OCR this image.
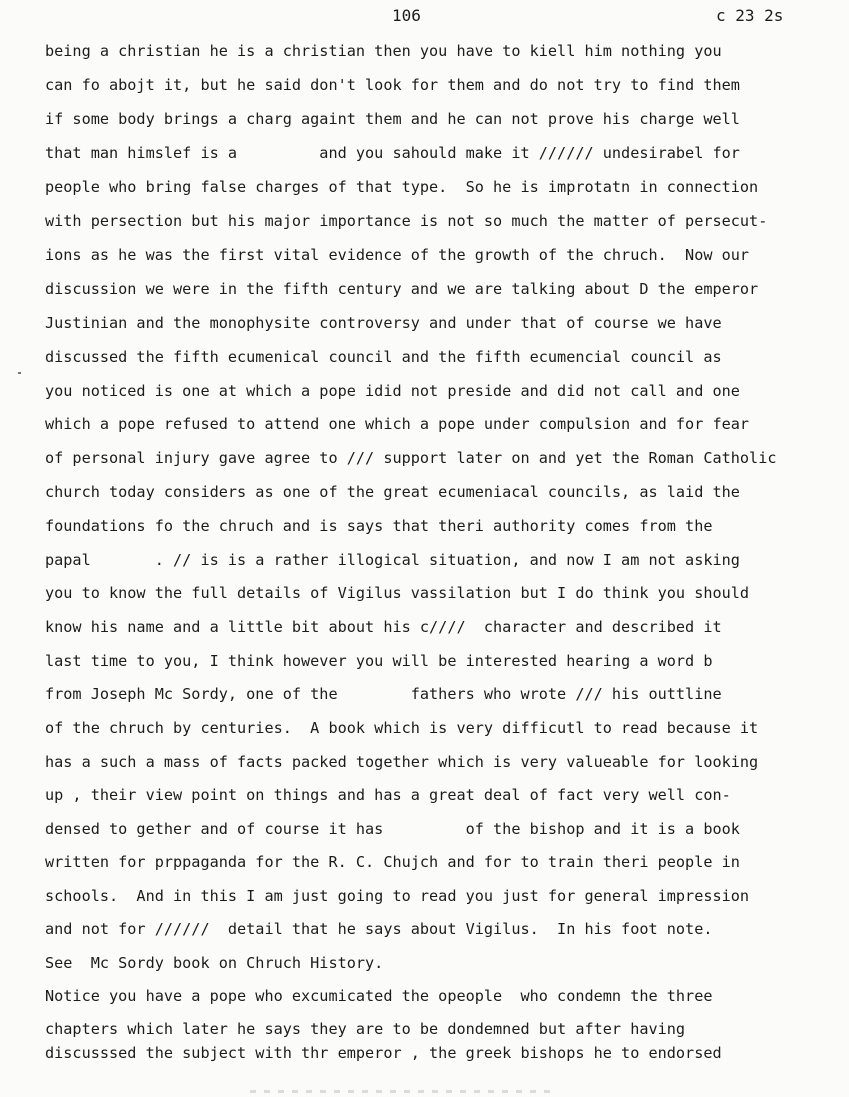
106	c 23 2s
being a christian he is a christian then you have to kiell him nothing you
can fo abojt it, but he said don't look for them and do not try to find them
if some body brings a charg againt them and he can not prove his charge well
that man himslef is a         and you sahould make it ////// undesirabel for
people who bring false charges of that type.  So he is improtatn in connection
with persection but his major importance is not so much the matter of persecut-
ions as he was the first vital evidence of the growth of the chruch.  Now our
discussion we were in the fifth century and we are talking about D the emperor
Justinian and the monophysite controversy and under that of course we have
discussed the fifth ecumenical council and the fifth ecumencial council as
you noticed is one at which a pope idid not preside and did not call and one
which a pope refused to attend one which a pope under compulsion and for fear
of personal injury gave agree to /// support later on and yet the Roman Catholic
church today considers as one of the great ecumeniacal councils, as laid the
foundations fo the chruch and is says that theri authority comes from the
papal       . // is is a rather illogical situation, and now I am not asking
you to know the full details of Vigilus vassilation but I do think you should
know his name and a little bit about his c////  character and described it
last time to you, I think however you will be interested hearing a word b
from Joseph Mc Sordy, one of the        fathers who wrote /// his outtline
of the chruch by centuries.  A book which is very difficutl to read because it
has a such a mass of facts packed together which is very valueable for looking
up , their view point on things and has a great deal of fact very well con-
densed to gether and of course it has         of the bishop and it is a book
written for prppaganda for the R. C. Chujch and for to train theri people in
schools.  And in this I am just going to read you just for general impression
and not for //////  detail that he says about Vigilus.  In his foot note.
See  Mc Sordy book on Chruch History.
Notice you have a pope who excumicated the opeople  who condemn the three
chapters which later he says they are to be dondemned but after having
discusssed the subject with thr emperor , the greek bishops he to endorsed
